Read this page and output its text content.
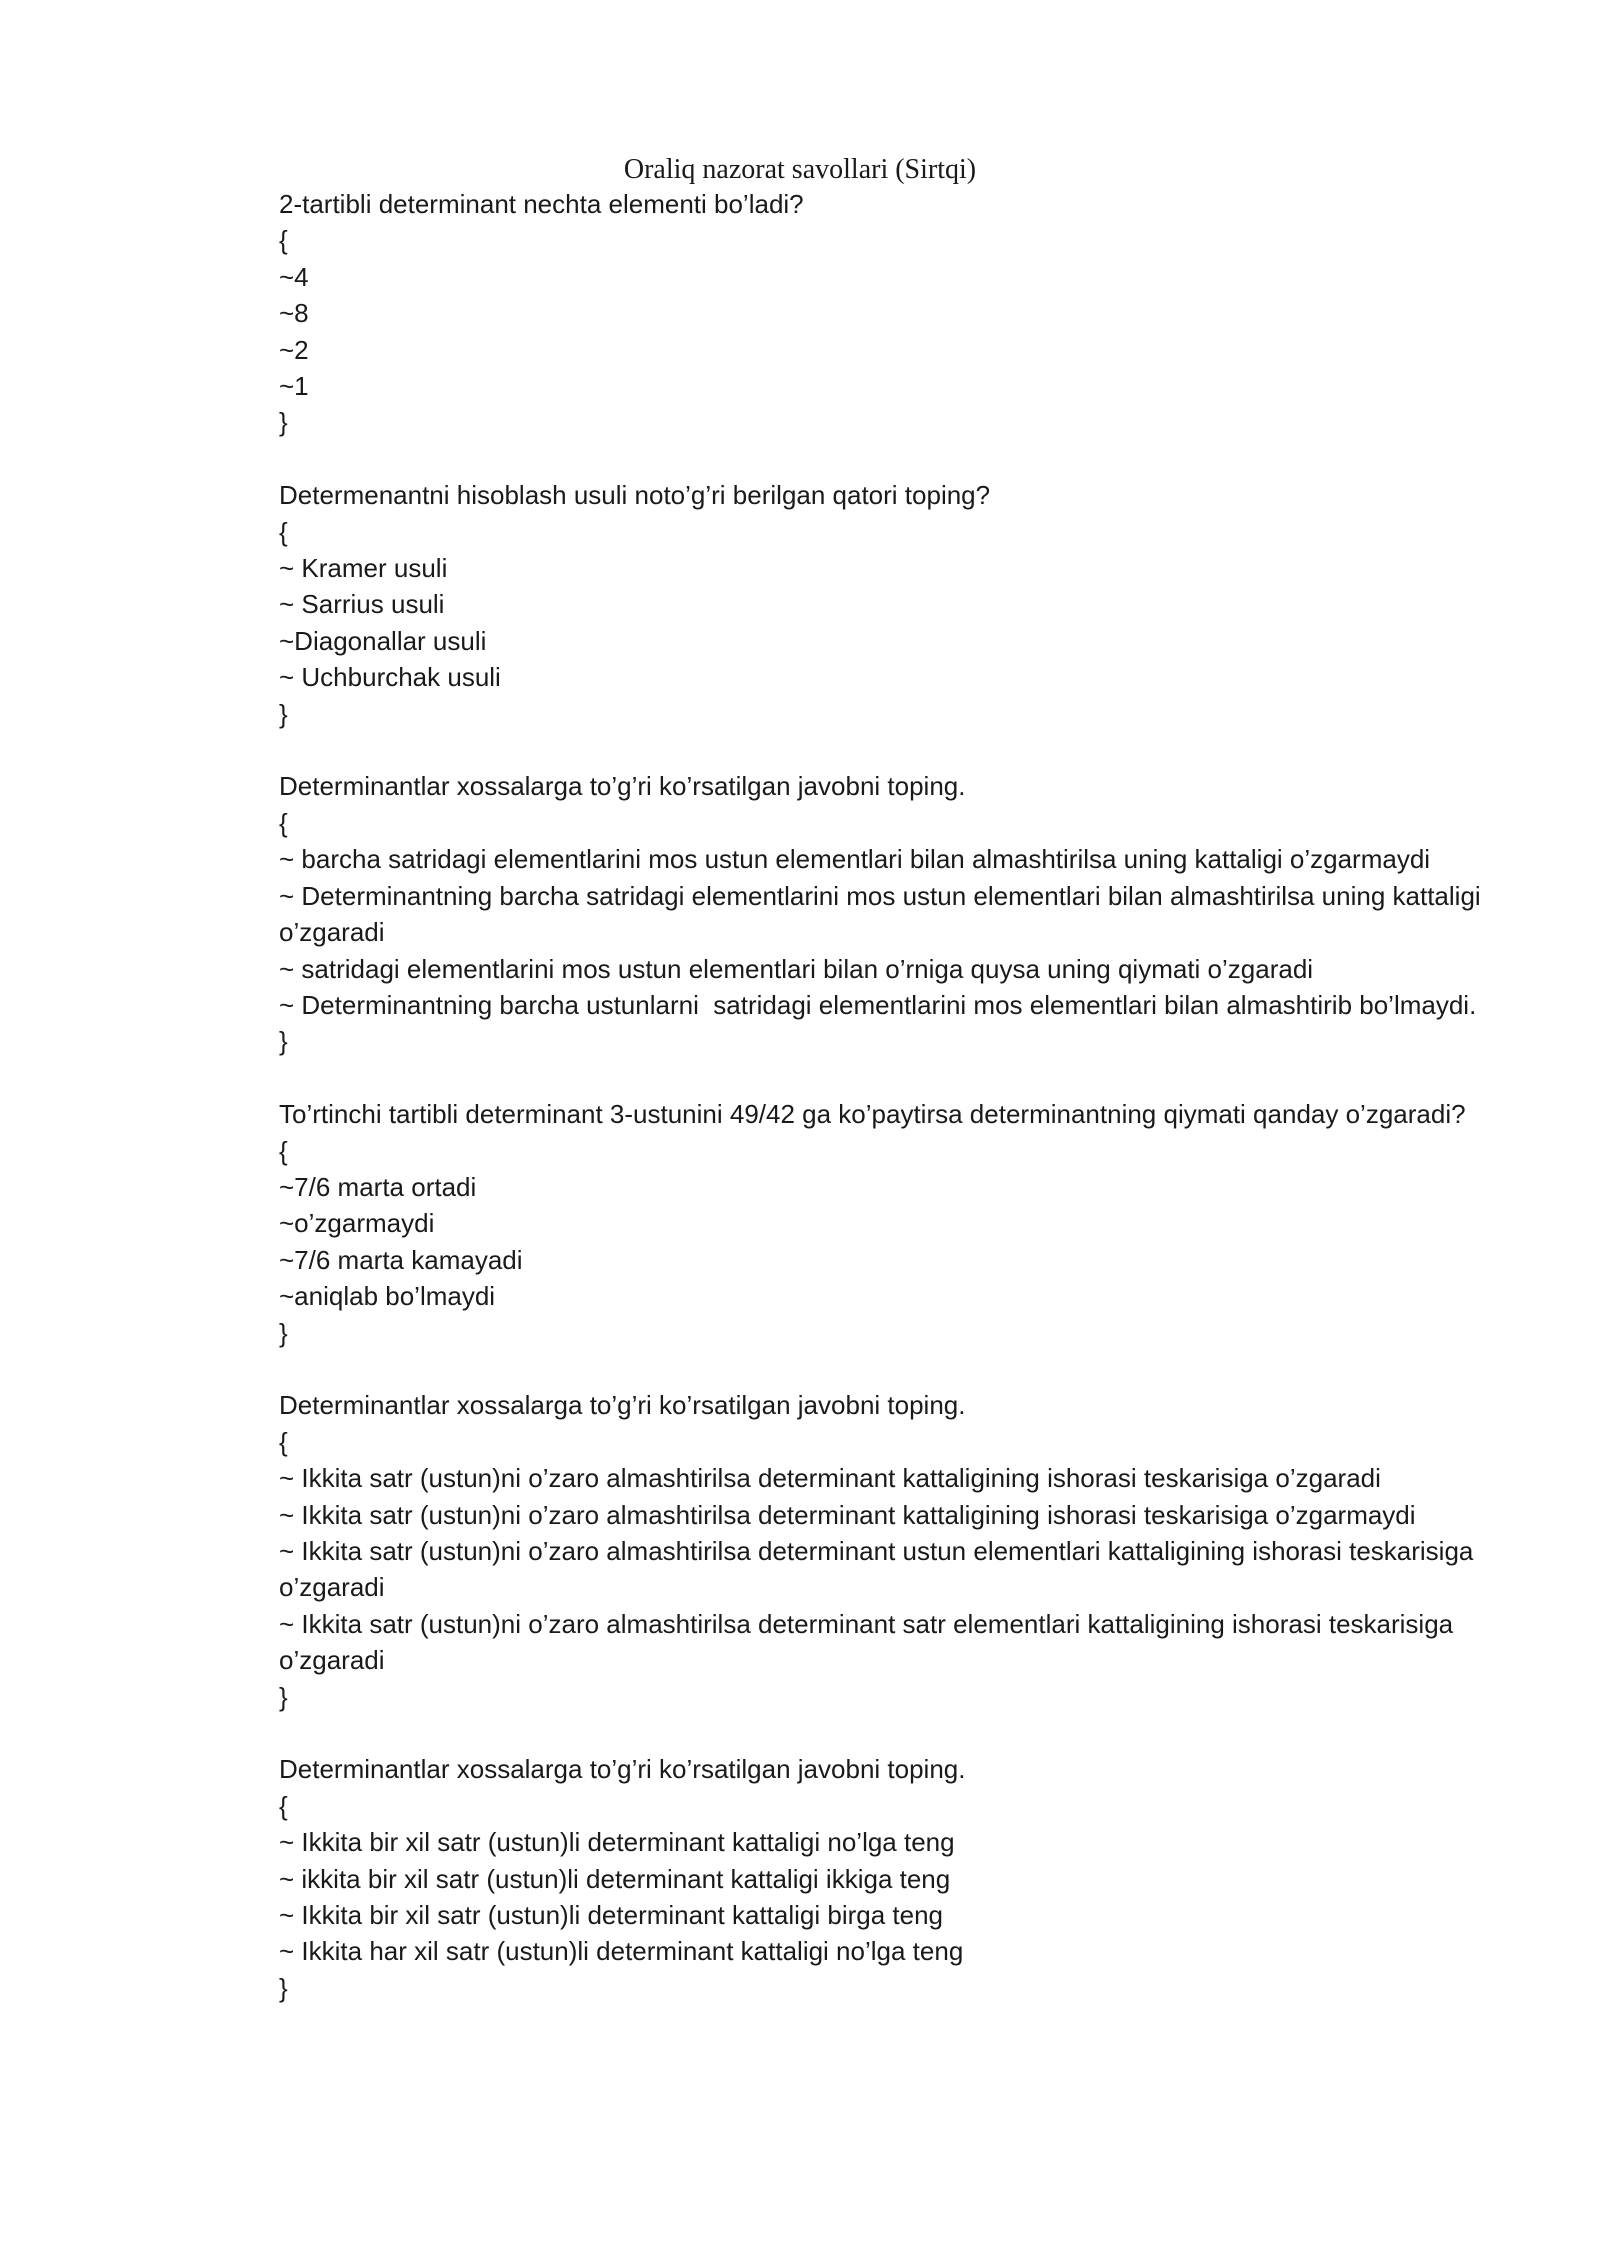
Oraliq nazorat savollari (Sirtqi)

2-tartibli determinant nechta elementi bo’ladi?

{

~4

~8

~2

~1

}

Determenantni hisoblash usuli noto’g’ri berilgan qatori toping?

{

~ Kramer usuli

~ Sarrius usuli

~Diagonallar usuli

~ Uchburchak usuli

}

Determinantlar xossalarga to’g’ri ko’rsatilgan javobni toping.

{

~ barcha satridagi elementlarini mos ustun elementlari bilan almashtirilsa uning kattaligi o’zgarmaydi

~ Determinantning barcha satridagi elementlarini mos ustun elementlari bilan almashtirilsa uning kattaligi o’zgaradi

~ satridagi elementlarini mos ustun elementlari bilan o’rniga quysa uning qiymati o’zgaradi

~ Determinantning barcha ustunlarni  satridagi elementlarini mos elementlari bilan almashtirib bo’lmaydi.

}

To’rtinchi tartibli determinant 3-ustunini 49/42 ga ko’paytirsa determinantning qiymati qanday o’zgaradi?

{

~7/6 marta ortadi

~o’zgarmaydi

~7/6 marta kamayadi

~aniqlab bo’lmaydi

}

Determinantlar xossalarga to’g’ri ko’rsatilgan javobni toping.

{

~ Ikkita satr (ustun)ni o’zaro almashtirilsa determinant kattaligining ishorasi teskarisiga o’zgaradi

~ Ikkita satr (ustun)ni o’zaro almashtirilsa determinant kattaligining ishorasi teskarisiga o’zgarmaydi

~ Ikkita satr (ustun)ni o’zaro almashtirilsa determinant ustun elementlari kattaligining ishorasi teskarisiga o’zgaradi

~ Ikkita satr (ustun)ni o’zaro almashtirilsa determinant satr elementlari kattaligining ishorasi teskarisiga o’zgaradi

}

Determinantlar xossalarga to’g’ri ko’rsatilgan javobni toping.

{

~ Ikkita bir xil satr (ustun)li determinant kattaligi no’lga teng

~ ikkita bir xil satr (ustun)li determinant kattaligi ikkiga teng

~ Ikkita bir xil satr (ustun)li determinant kattaligi birga teng

~ Ikkita har xil satr (ustun)li determinant kattaligi no’lga teng

}
